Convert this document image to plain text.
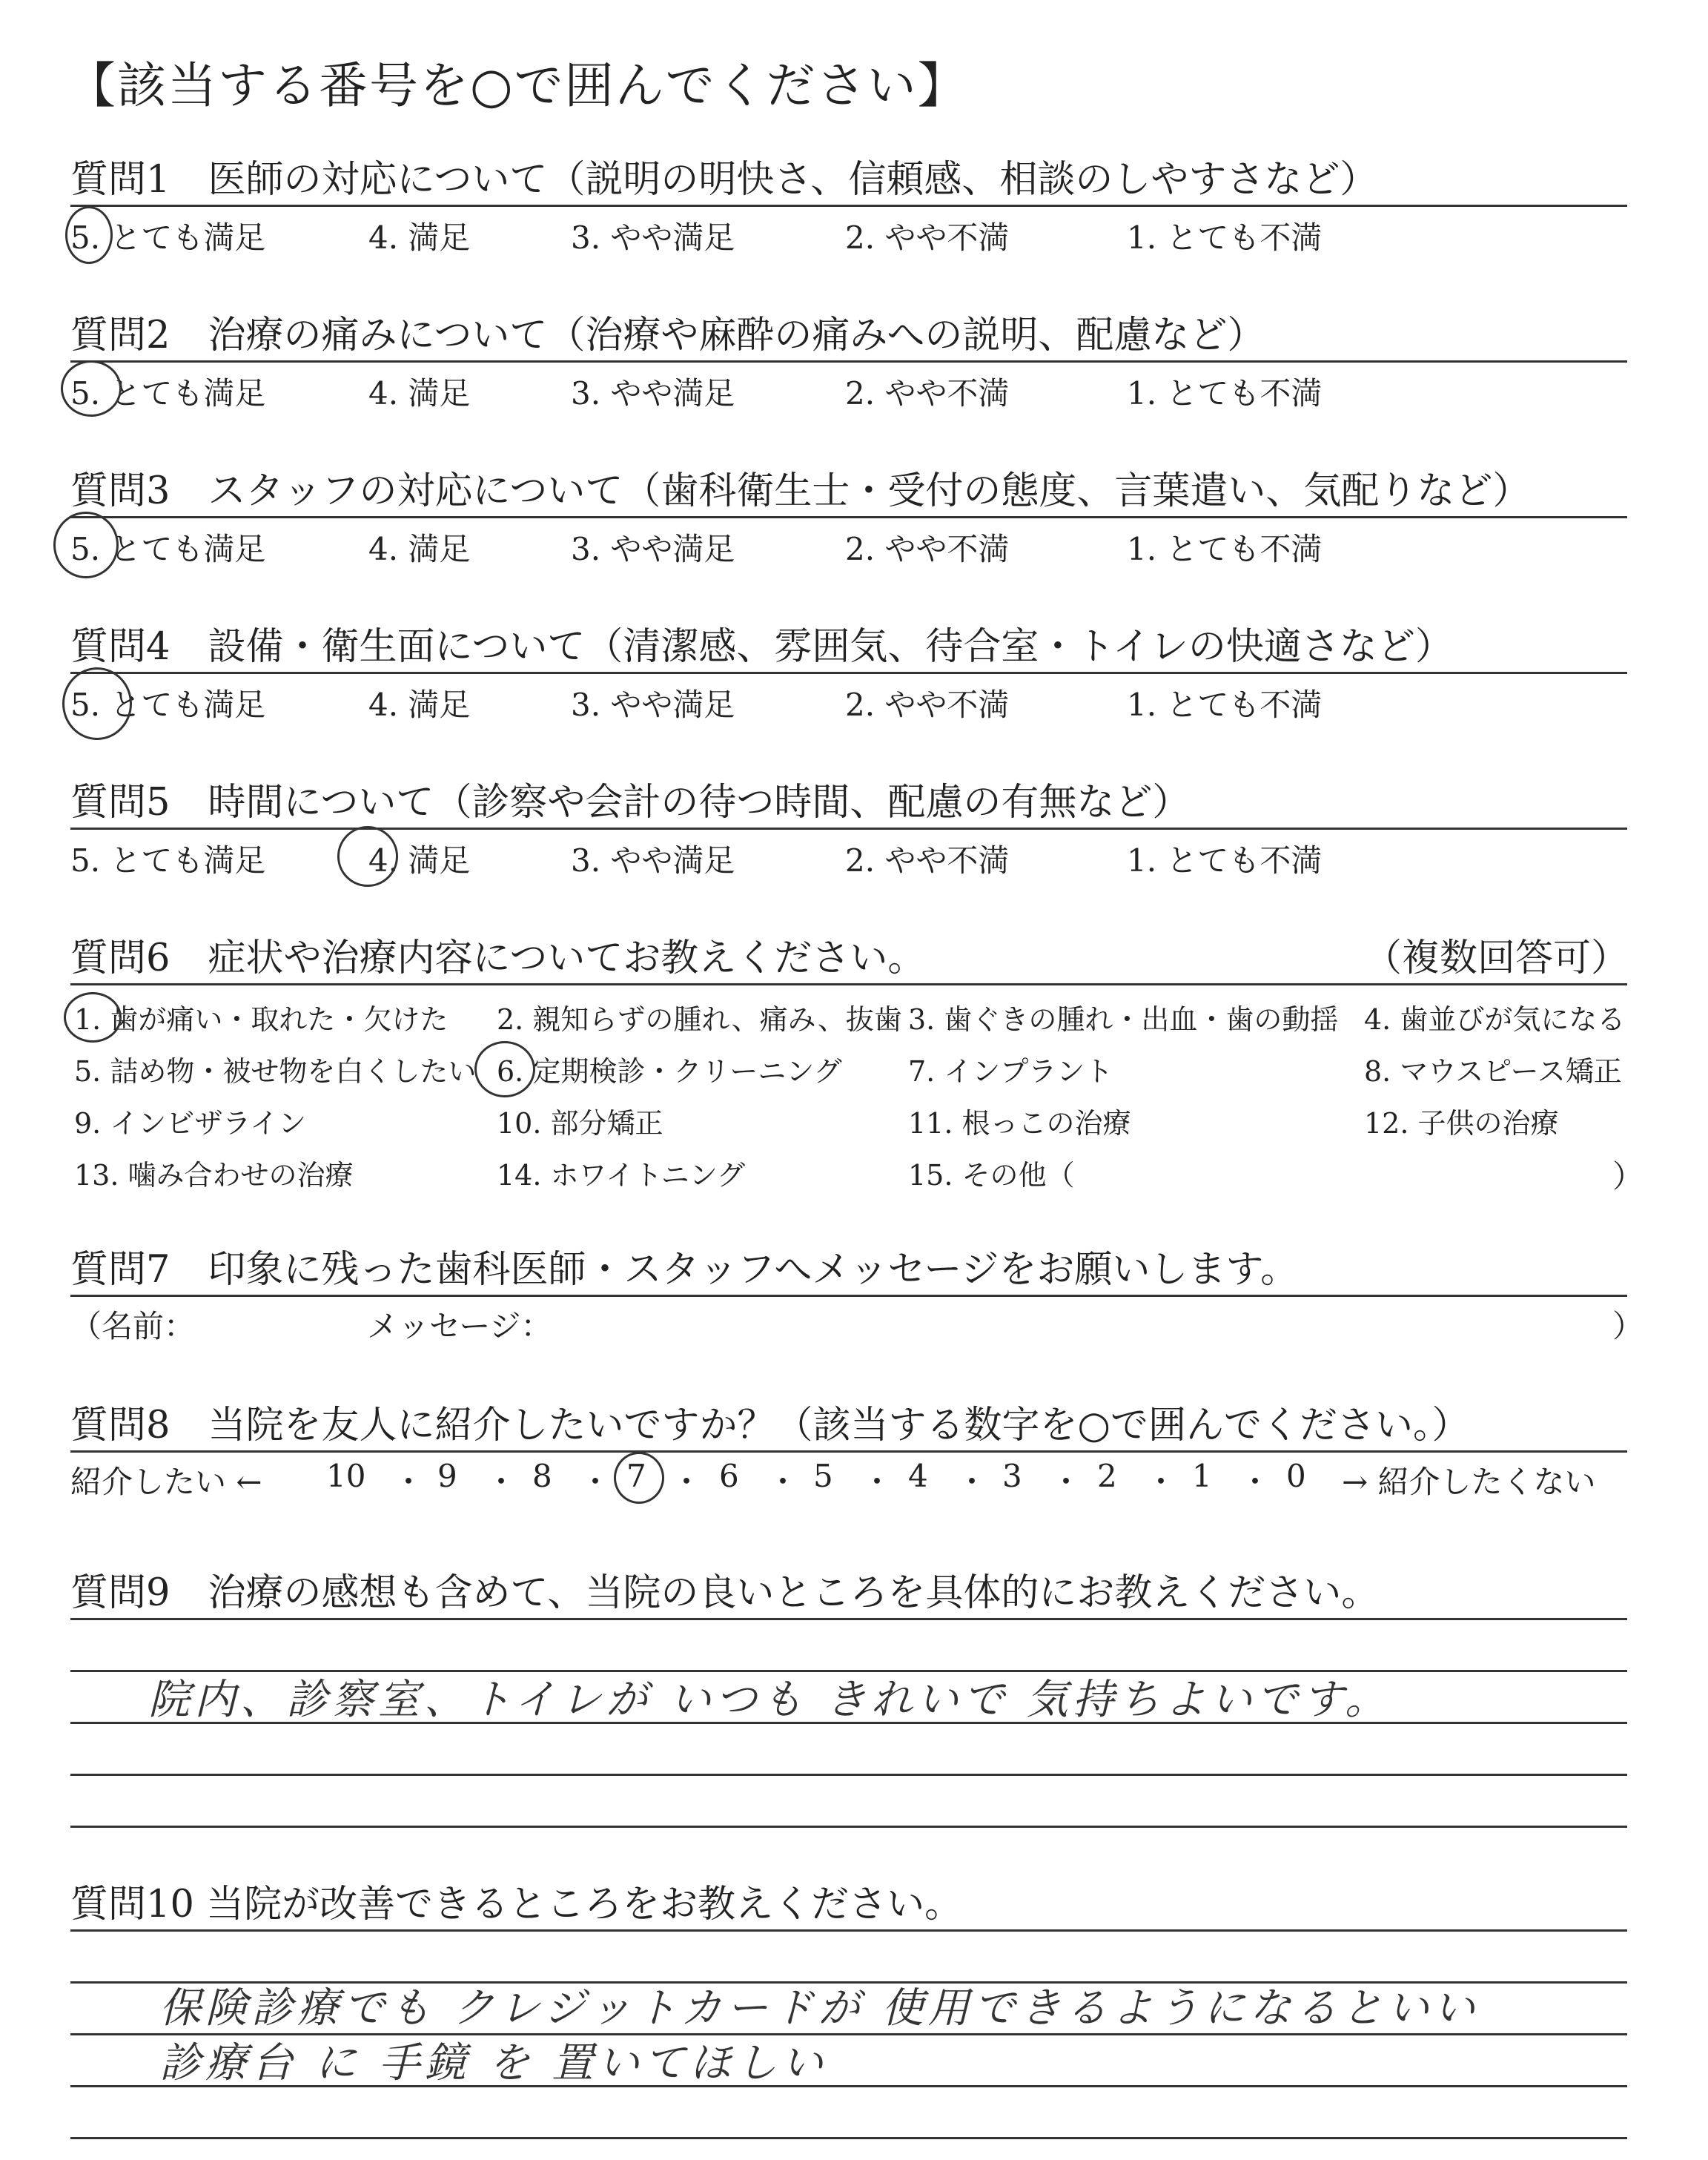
【該当する番号を○で囲んでください】
質問1　医師の対応について（説明の明快さ、信頼感、相談のしやすさなど）
5. とても満足	4. 満足	3. やや満足	2. やや不満	1. とても不満
質問2　治療の痛みについて（治療や麻酔の痛みへの説明、配慮など）
5. とても満足	4. 満足	3. やや満足	2. やや不満	1. とても不満
質問3　スタッフの対応について（歯科衛生士・受付の態度、言葉遣い、気配りなど）
5. とても満足	4. 満足	3. やや満足	2. やや不満	1. とても不満
質問4　設備・衛生面について（清潔感、雰囲気、待合室・トイレの快適さなど）
5. とても満足	4. 満足	3. やや満足	2. やや不満	1. とても不満
質問5　時間について（診察や会計の待つ時間、配慮の有無など）
5. とても満足	4. 満足	3. やや満足	2. やや不満	1. とても不満
質問6　症状や治療内容についてお教えください。	（複数回答可）
1. 歯が痛い・取れた・欠けた 2. 親知らずの腫れ、痛み、抜歯 3. 歯ぐきの腫れ・出血・歯の動揺 4. 歯並びが気になる
5. 詰め物・被せ物を白くしたい 6. 定期検診・クリーニング 7. インプラント	8. マウスピース矯正
9. インビザライン	10. 部分矯正	11. 根っこの治療	12. 子供の治療
13. 噛み合わせの治療	14. ホワイトニング	15. その他（	）
質問7　印象に残った歯科医師・スタッフへメッセージをお願いします。
（名前：	メッセージ：	）
質問8　当院を友人に紹介したいですか？（該当する数字を○で囲んでください。）
紹介したい ← 10 ・ 9 ・ 8 ・ 7 ・ 6 ・ 5 ・ 4 ・ 3 ・ 2 ・ 1 ・ 0 → 紹介したくない
質問9　治療の感想も含めて、当院の良いところを具体的にお教えください。
院内、診察室、トイレが いつも きれいで 気持ちよいです。
質問10 当院が改善できるところをお教えください。
保険診療でも クレジットカードが 使用できるようになるといい
診療台 に 手鏡 を 置いてほしい
